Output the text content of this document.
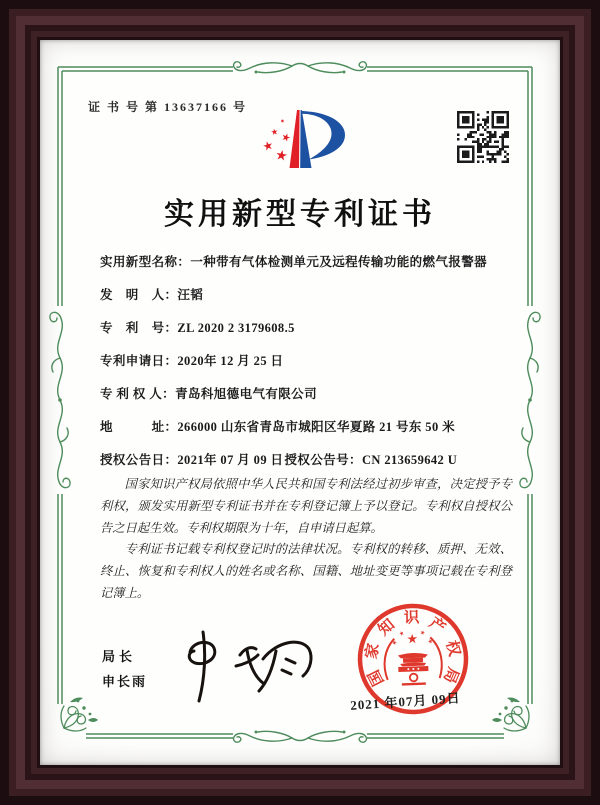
证 书 号 第 13637166 号
实用新型专利证书
实用新型名称：一种带有气体检测单元及远程传输功能的燃气报警器
发　明　人：汪韬
专　利　号：ZL 2020 2 3179608.5
专利申请日：2020年 12 月 25 日
专 利 权 人：青岛科旭德电气有限公司
地　　　址：266000 山东省青岛市城阳区华夏路 21 号东 50 米
授权公告日：2021年 07 月 09 日 授权公告号：CN 213659642 U

国家知识产权局依照中华人民共和国专利法经过初步审查，决定授予专利权，颁发实用新型专利证书并在专利登记簿上予以登记。专利权自授权公告之日起生效。专利权期限为十年，自申请日起算。

专利证书记载专利权登记时的法律状况。专利权的转移、质押、无效、终止、恢复和专利权人的姓名或名称、国籍、地址变更等事项记载在专利登记簿上。

局长
申长雨	国
家
知 识 产
权
局
2021 年07月 09日
